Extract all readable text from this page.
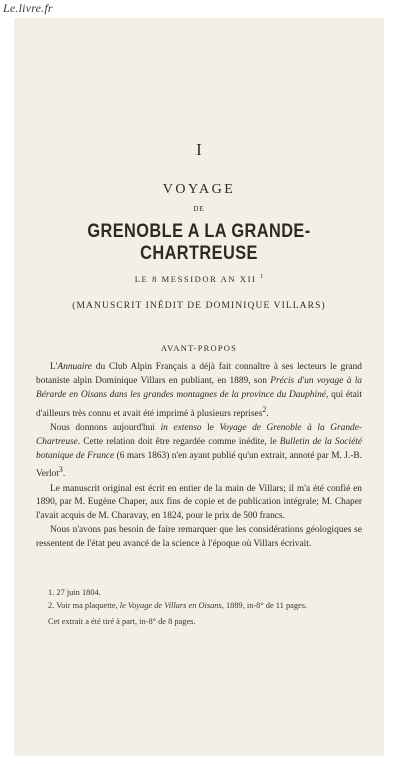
Le.livre.fr
I
VOYAGE
DE
GRENOBLE A LA GRANDE-CHARTREUSE
LE 8 MESSIDOR AN XII $^1$
(MANUSCRIT INÉDIT DE DOMINIQUE VILLARS)
AVANT-PROPOS

L'Annuaire du Club Alpin Français a déjà fait connaître à ses lecteurs le grand botaniste alpin Dominique Villars en publiant, en 1889, son Précis d'un voyage à la Bérarde en Oisans dans les grandes montagnes de la province du Dauphiné, qui était d'ailleurs très connu et avait été imprimé à plusieurs reprises$^2$.

Nous donnons aujourd'hui in extenso le Voyage de Grenoble à la Grande-Chartreuse. Cette relation doit être regardée comme inédite, le Bulletin de la Société botanique de France (6 mars 1863) n'en ayant publié qu'un extrait, annoté par M. J.-B. Verlot$^3$.

Le manuscrit original est écrit en entier de la main de Villars; il m'a été confié en 1890, par M. Eugène Chaper, aux fins de copie et de publication intégrale; M. Chaper l'avait acquis de M. Charavay, en 1824, pour le prix de 500 francs.

Nous n'avons pas besoin de faire remarquer que les considérations géologiques se ressentent de l'état peu avancé de la science à l'époque où Villars écrivait.

1. 27 juin 1804.

2. Voir ma plaquette, le Voyage de Villars en Oisans, 1889, in-8° de 11 pages.

Cet extrait a été tiré à part, in-8° de 8 pages.
